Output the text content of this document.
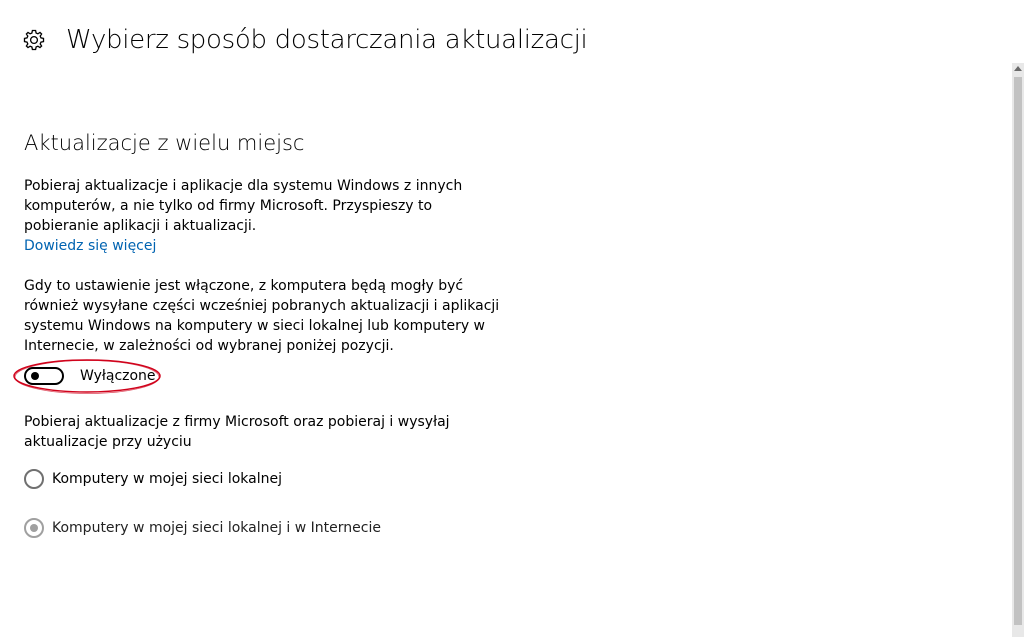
Wybierz sposób dostarczania aktualizacji
Aktualizacje z wielu miejsc
Pobieraj aktualizacje i aplikacje dla systemu Windows z innych
komputerów, a nie tylko od firmy Microsoft. Przyspieszy to
pobieranie aplikacji i aktualizacji.
Dowiedz się więcej
Gdy to ustawienie jest włączone, z komputera będą mogły być
również wysyłane części wcześniej pobranych aktualizacji i aplikacji
systemu Windows na komputery w sieci lokalnej lub komputery w
Internecie, w zależności od wybranej poniżej pozycji.
Wyłączone
Pobieraj aktualizacje z firmy Microsoft oraz pobieraj i wysyłaj
aktualizacje przy użyciu
Komputery w mojej sieci lokalnej
Komputery w mojej sieci lokalnej i w Internecie
